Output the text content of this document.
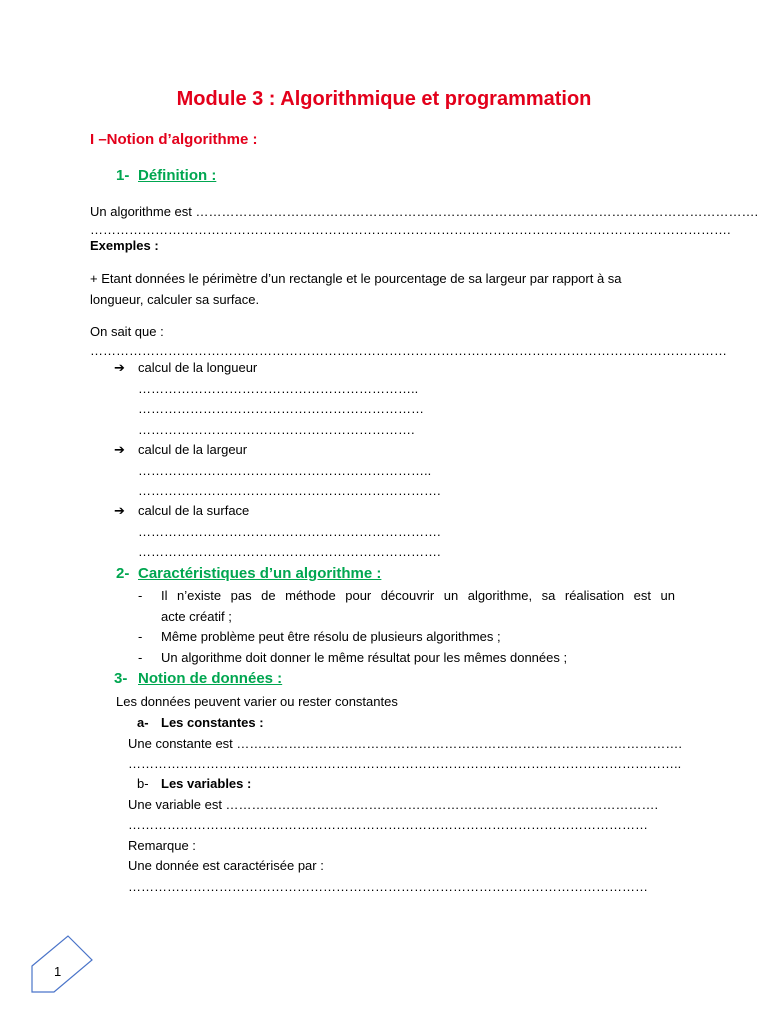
Module 3 : Algorithmique et programmation
I –Notion d’algorithme :
1- Définition :
Un algorithme est ………………………………………………………………………………………………………………….
………………………………………………………………………………………………………………………………….
Exemples :
+ Etant données le périmètre d’un rectangle et le pourcentage de sa largeur par rapport à sa
longueur, calculer sa surface.
On sait que :
…………………………………………………………………………………………………………………………………
➔ calcul de la longueur
………………………………………………………..
…………………………………………………………
……………………………………………………….
➔ calcul de la largeur
…………………………………………………………..
…………………………………………………………….
➔ calcul de la surface
…………………………………………………………….
…………………………………………………………….
2- Caractéristiques d’un algorithme :
- Il n’existe pas de méthode pour découvrir un algorithme, sa réalisation est un
acte créatif ;
- Même problème peut être résolu de plusieurs algorithmes ;
- Un algorithme doit donner le même résultat pour les mêmes données ;
3- Notion de données :
Les données peuvent varier ou rester constantes
a- Les constantes :
Une constante est ………………………………………………………………………………………….
………………………………………………………………………………………………………………..
b- Les variables :
Une variable est ……………………………………………………………………………………….
…………………………………………………………………………………………………………
Remarque :
Une donnée est caractérisée par :
…………………………………………………………………………………………………………
1
